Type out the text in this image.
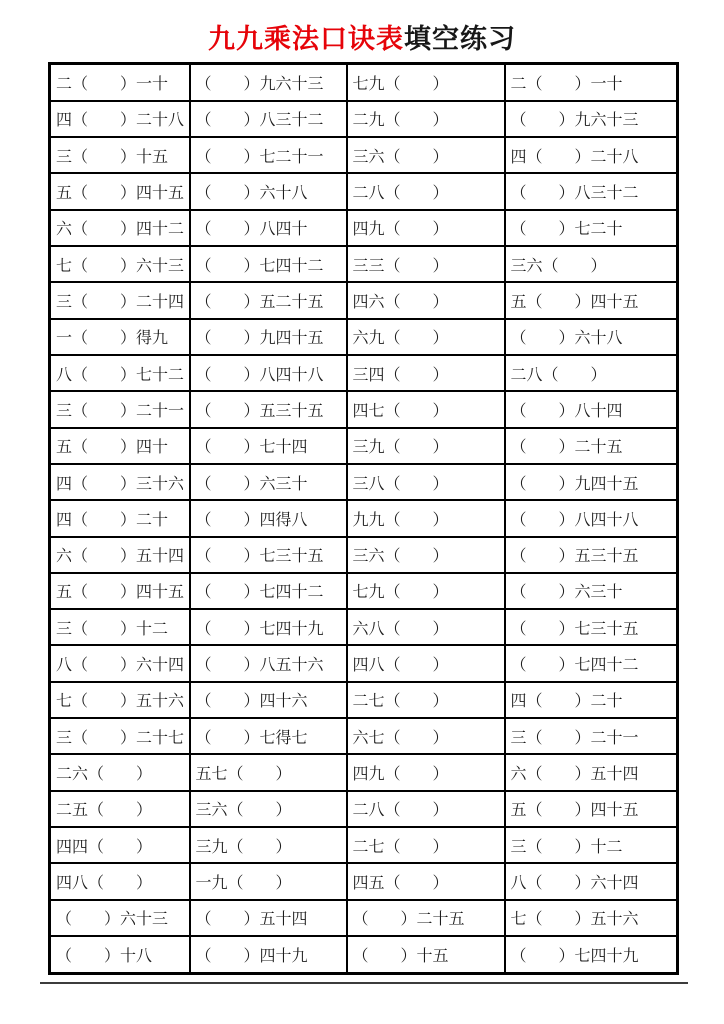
九九乘法口诀表填空练习
二（　　）一十	（　　）九六十三	七九（　　）	二（　　）一十
四（　　）二十八	（　　）八三十二	二九（　　）	（　　）九六十三
三（　　）十五	（　　）七二十一	三六（　　）	四（　　）二十八
五（　　）四十五	（　　）六十八	二八（　　）	（　　）八三十二
六（　　）四十二	（　　）八四十	四九（　　）	（　　）七二十
七（　　）六十三	（　　）七四十二	三三（　　）	三六（　　）
三（　　）二十四	（　　）五二十五	四六（　　）	五（　　）四十五
一（　　）得九	（　　）九四十五	六九（　　）	（　　）六十八
八（　　）七十二	（　　）八四十八	三四（　　）	二八（　　）
三（　　）二十一	（　　）五三十五	四七（　　）	（　　）八十四
五（　　）四十	（　　）七十四	三九（　　）	（　　）二十五
四（　　）三十六	（　　）六三十	三八（　　）	（　　）九四十五
四（　　）二十	（　　）四得八	九九（　　）	（　　）八四十八
六（　　）五十四	（　　）七三十五	三六（　　）	（　　）五三十五
五（　　）四十五	（　　）七四十二	七九（　　）	（　　）六三十
三（　　）十二	（　　）七四十九	六八（　　）	（　　）七三十五
八（　　）六十四	（　　）八五十六	四八（　　）	（　　）七四十二
七（　　）五十六	（　　）四十六	二七（　　）	四（　　）二十
三（　　）二十七	（　　）七得七	六七（　　）	三（　　）二十一
二六（　　）	五七（　　）	四九（　　）	六（　　）五十四
二五（　　）	三六（　　）	二八（　　）	五（　　）四十五
四四（　　）	三九（　　）	二七（　　）	三（　　）十二
四八（　　）	一九（　　）	四五（　　）	八（　　）六十四
（　　）六十三	（　　）五十四	（　　）二十五	七（　　）五十六
（　　）十八	（　　）四十九	（　　）十五	（　　）七四十九
